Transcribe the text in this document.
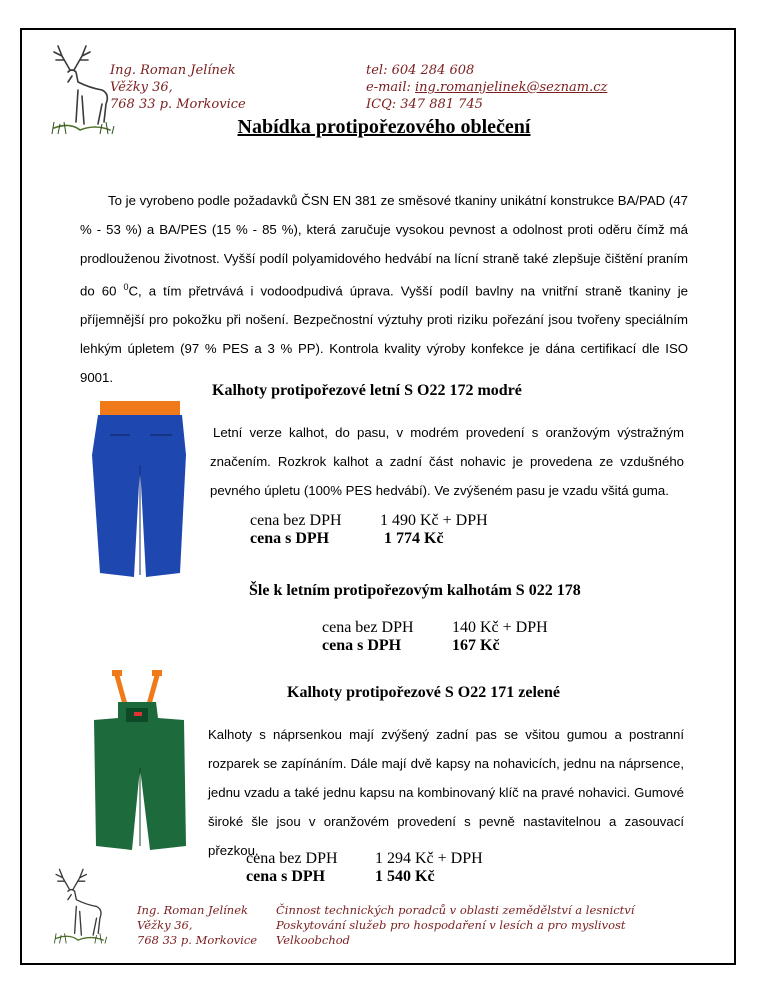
Ing. Roman Jelínek
Věžky 36,
768 33 p. Morkovice
tel: 604 284 608
e-mail: ing.romanjelinek@seznam.cz
ICQ: 347 881 745
Nabídka protipořezového oblečení
To je vyrobeno podle požadavků ČSN EN 381 ze směsové tkaniny unikátní konstrukce BA/PAD (47 % - 53 %) a BA/PES (15 % - 85 %), která zaručuje vysokou pevnost a odolnost proti oděru čímž má prodlouženou životnost. Vyšší podíl polyamidového hedvábí na lícní straně také zlepšuje čištění praním do 60 $^0$C, a tím přetrvává i vodoodpudivá úprava. Vyšší podíl bavlny na vnitřní straně tkaniny je příjemnější pro pokožku při nošení. Bezpečnostní výztuhy proti riziku pořezání jsou tvořeny speciálním lehkým úpletem (97 % PES a 3 % PP). Kontrola kvality výroby konfekce je dána certifikací dle ISO 9001.
Kalhoty protipořezové letní S O22 172 modré
Letní verze kalhot, do pasu, v modrém provedení s oranžovým výstražným značením. Rozkrok kalhot a zadní část nohavic je provedena ze vzdušného pevného úpletu (100% PES hedvábí). Ve zvýšeném pasu je vzadu všitá guma.
cena bez DPH
cena s DPH
1 490 Kč + DPH
1 774 Kč
Šle k letním protipořezovým kalhotám S 022 178
cena bez DPH
cena s DPH
140 Kč + DPH
167 Kč
Kalhoty protipořezové S O22 171 zelené
Kalhoty s náprsenkou mají zvýšený zadní pas se všitou gumou a postranní rozparek se zapínáním. Dále mají dvě kapsy na nohavicích, jednu na náprsence, jednu vzadu a také jednu kapsu na kombinovaný klíč na pravé nohavici. Gumové široké šle jsou v oranžovém provedení s pevně nastavitelnou a zasouvací přezkou.
cena bez DPH
cena s DPH
1 294 Kč + DPH
1 540 Kč
Ing. Roman Jelínek
Věžky 36,
768 33 p. Morkovice
Činnost technických poradců v oblasti zemědělství a lesnictví
Poskytování služeb pro hospodaření v lesích a pro myslivost
Velkoobchod
